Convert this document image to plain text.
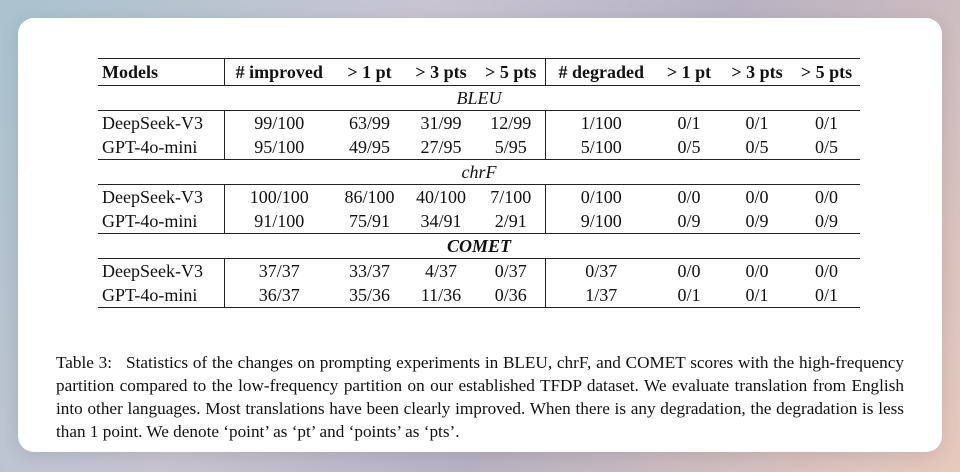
Models	# improved	> 1 pt	> 3 pts	> 5 pts	# degraded	> 1 pt	> 3 pts	> 5 pts
BLEU								
DeepSeek-V3	99/100	63/99	31/99	12/99	1/100	0/1	0/1	0/1
GPT-4o-mini	95/100	49/95	27/95	5/95	5/100	0/5	0/5	0/5
chrF								
DeepSeek-V3	100/100	86/100	40/100	7/100	0/100	0/0	0/0	0/0
GPT-4o-mini	91/100	75/91	34/91	2/91	9/100	0/9	0/9	0/9
COMET								
DeepSeek-V3	37/37	33/37	4/37	0/37	0/37	0/0	0/0	0/0
GPT-4o-mini	36/37	35/36	11/36	0/36	1/37	0/1	0/1	0/1

Table 3: Statistics of the changes on prompting experiments in BLEU, chrF, and COMET scores with the high-frequency partition compared to the low-frequency partition on our established TFDP dataset. We evaluate translation from English into other languages. Most translations have been clearly improved. When there is any degradation, the degradation is less than 1 point. We denote ‘point’ as ‘pt’ and ‘points’ as ‘pts’.
